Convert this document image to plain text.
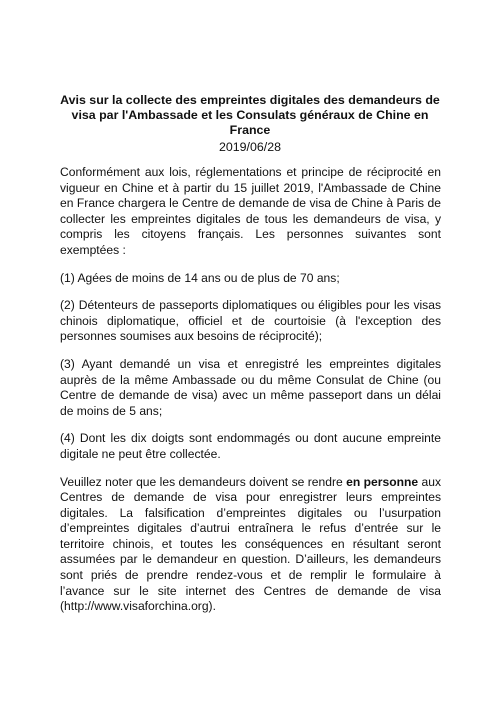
Avis sur la collecte des empreintes digitales des demandeurs de visa par l'Ambassade et les Consulats généraux de Chine en France
2019/06/28

Conformément aux lois, réglementations et principe de réciprocité en vigueur en Chine et à partir du 15 juillet 2019, l'Ambassade de Chine en France chargera le Centre de demande de visa de Chine à Paris de collecter les empreintes digitales de tous les demandeurs de visa, y compris les citoyens français. Les personnes suivantes sont exemptées :

(1) Agées de moins de 14 ans ou de plus de 70 ans;

(2) Détenteurs de passeports diplomatiques ou éligibles pour les visas chinois diplomatique, officiel et de courtoisie (à l'exception des personnes soumises aux besoins de réciprocité);

(3) Ayant demandé un visa et enregistré les empreintes digitales auprès de la même Ambassade ou du même Consulat de Chine (ou Centre de demande de visa) avec un même passeport dans un délai de moins de 5 ans;

(4) Dont les dix doigts sont endommagés ou dont aucune empreinte digitale ne peut être collectée.

Veuillez noter que les demandeurs doivent se rendre en personne aux Centres de demande de visa pour enregistrer leurs empreintes digitales. La falsification d’empreintes digitales ou l’usurpation d’empreintes digitales d’autrui entraînera le refus d’entrée sur le territoire chinois, et toutes les conséquences en résultant seront assumées par le demandeur en question. D’ailleurs, les demandeurs sont priés de prendre rendez-vous et de remplir le formulaire à l’avance sur le site internet des Centres de demande de visa (http://www.visaforchina.org).
